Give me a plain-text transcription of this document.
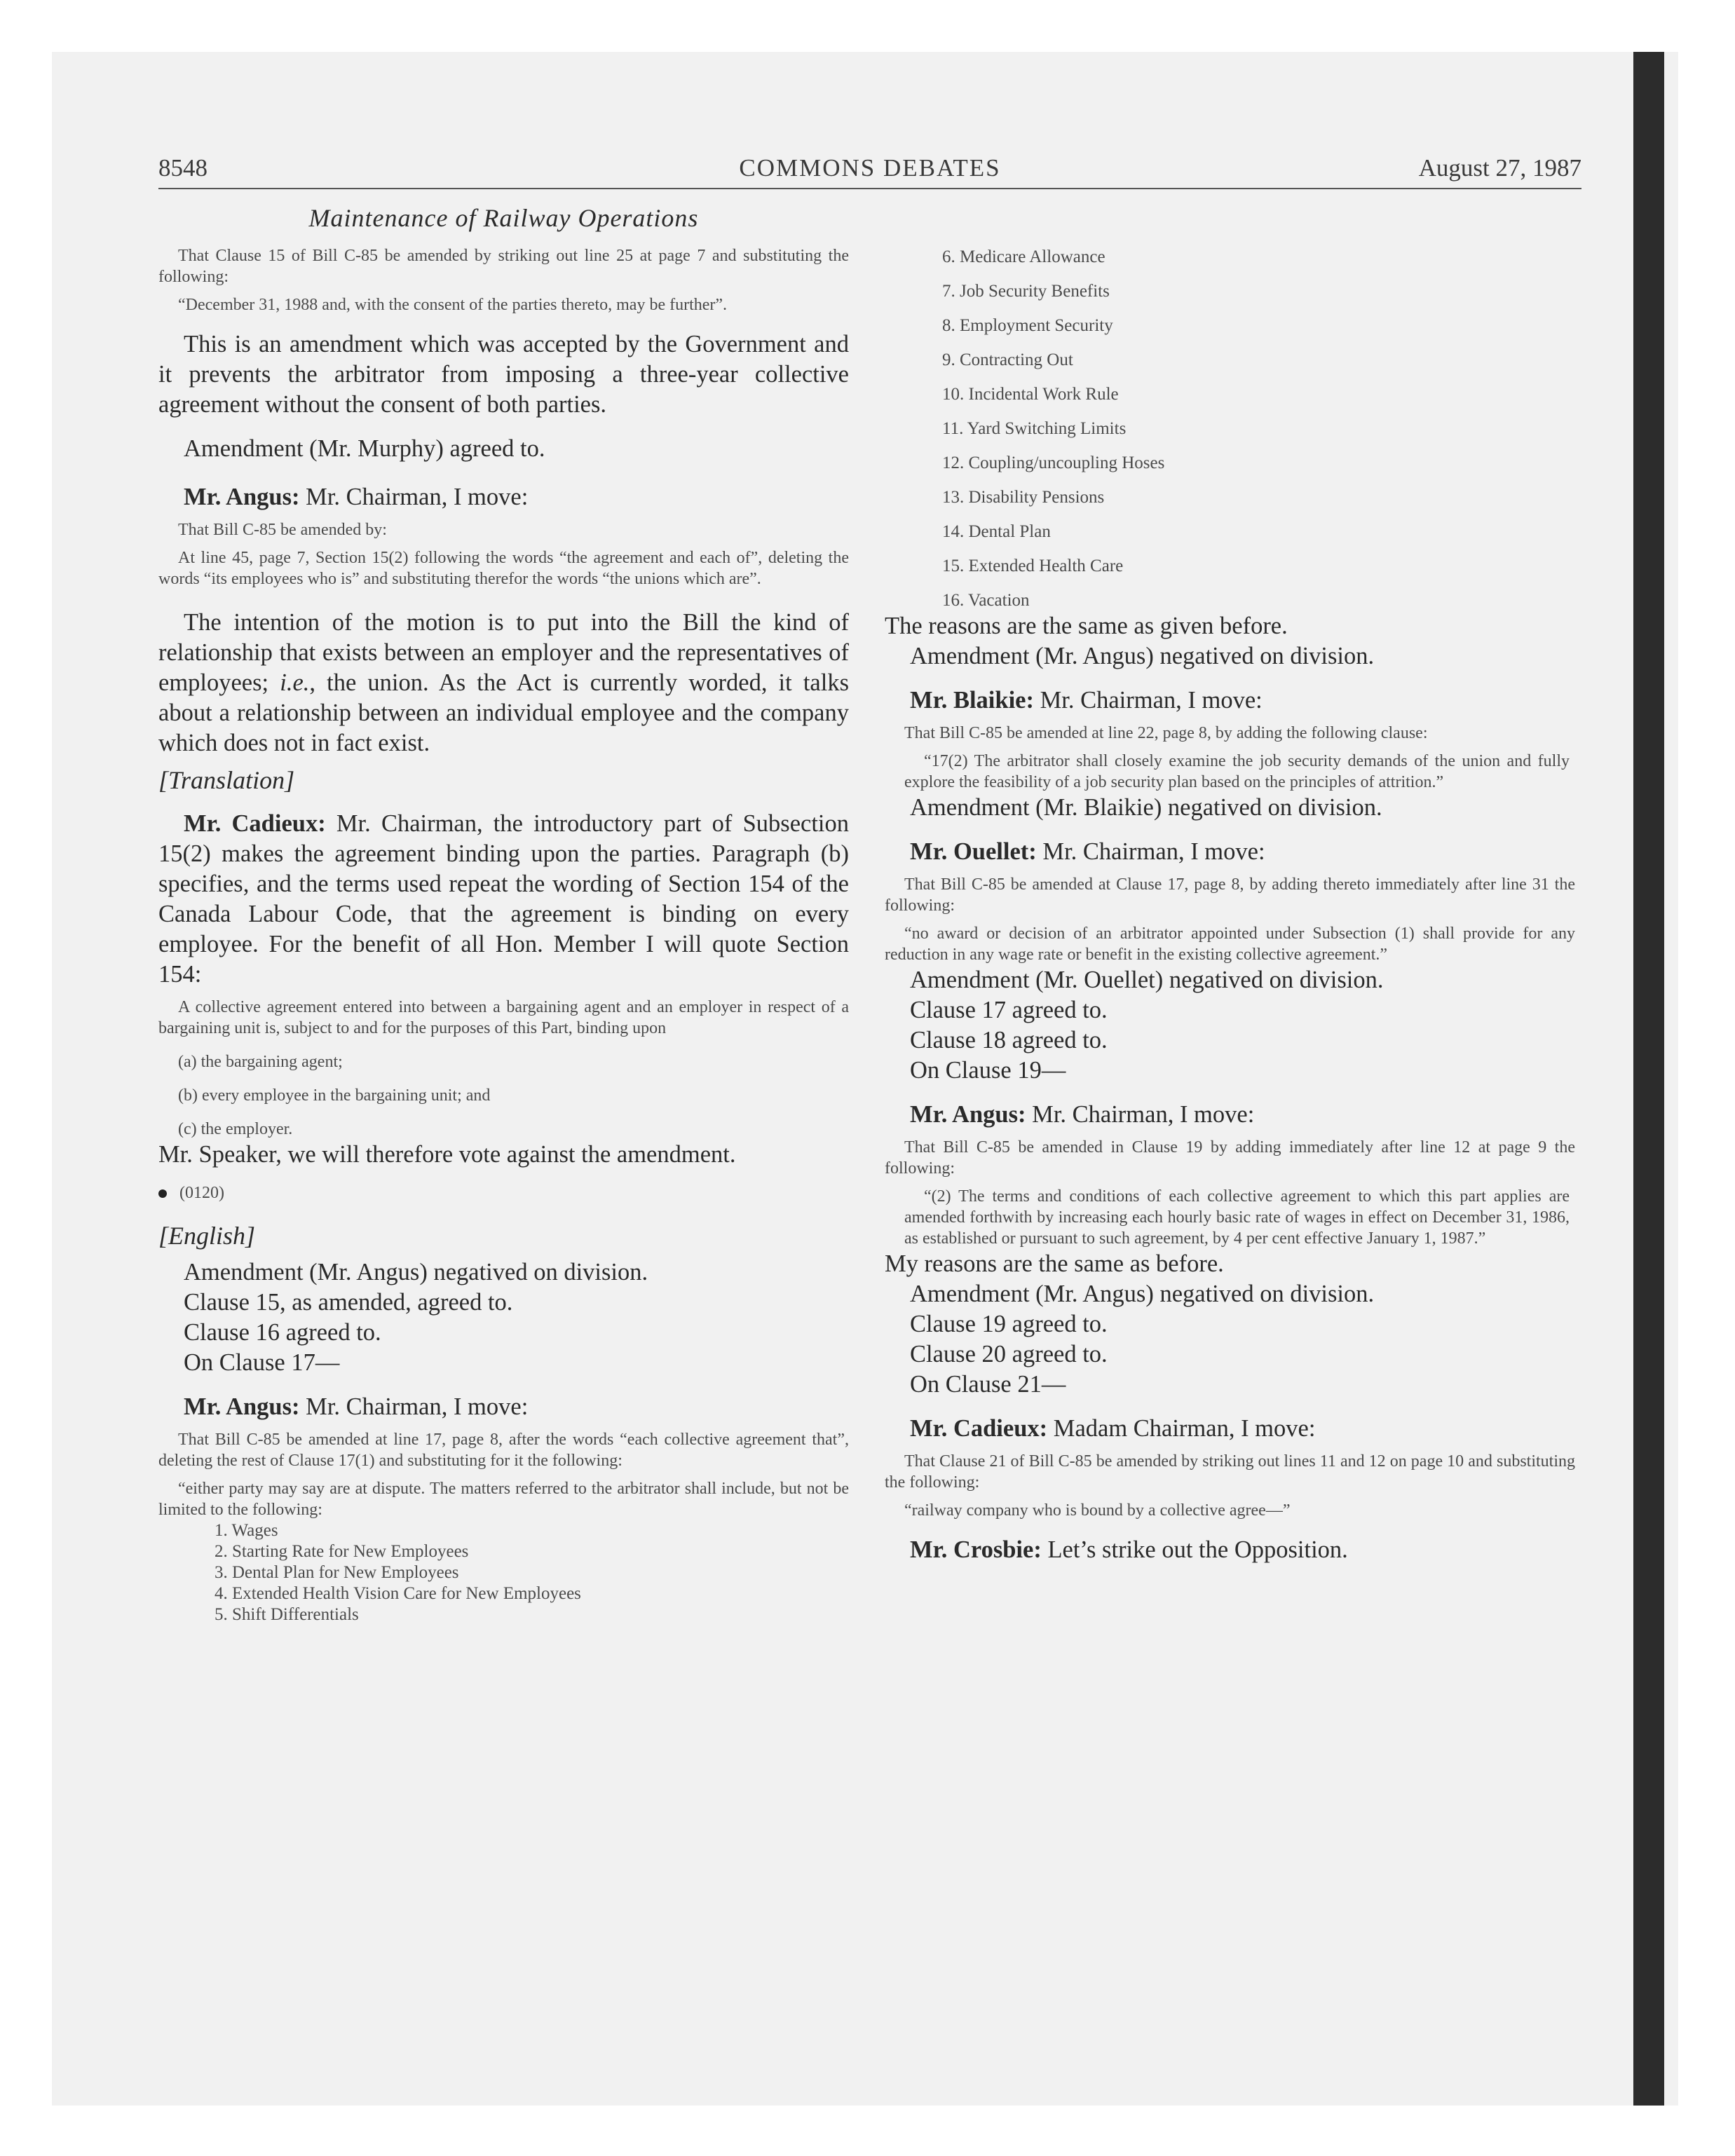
8548	COMMONS DEBATES	August 27, 1987
Maintenance of Railway Operations

That Clause 15 of Bill C-85 be amended by striking out line 25 at page 7 and substituting the following:

“December 31, 1988 and, with the consent of the parties thereto, may be further”.

This is an amendment which was accepted by the Government and it prevents the arbitrator from imposing a three-year collective agreement without the consent of both parties.

Amendment (Mr. Murphy) agreed to.

Mr. Angus: Mr. Chairman, I move:

That Bill C-85 be amended by:

At line 45, page 7, Section 15(2) following the words “the agreement and each of”, deleting the words “its employees who is” and substituting therefor the words “the unions which are”.

The intention of the motion is to put into the Bill the kind of relationship that exists between an employer and the representatives of employees; i.e., the union. As the Act is currently worded, it talks about a relationship between an individual employee and the company which does not in fact exist.

[Translation]

Mr. Cadieux: Mr. Chairman, the introductory part of Subsection 15(2) makes the agreement binding upon the parties. Paragraph (b) specifies, and the terms used repeat the wording of Section 154 of the Canada Labour Code, that the agreement is binding on every employee. For the benefit of all Hon. Member I will quote Section 154:

A collective agreement entered into between a bargaining agent and an employer in respect of a bargaining unit is, subject to and for the purposes of this Part, binding upon

(a) the bargaining agent;

(b) every employee in the bargaining unit; and

(c) the employer.

Mr. Speaker, we will therefore vote against the amendment.

(0120)

[English]

Amendment (Mr. Angus) negatived on division.

Clause 15, as amended, agreed to.

Clause 16 agreed to.

On Clause 17—

Mr. Angus: Mr. Chairman, I move:

That Bill C-85 be amended at line 17, page 8, after the words “each collective agreement that”, deleting the rest of Clause 17(1) and substituting for it the following:

“either party may say are at dispute. The matters referred to the arbitrator shall include, but not be limited to the following:

1. Wages

2. Starting Rate for New Employees

3. Dental Plan for New Employees

4. Extended Health Vision Care for New Employees

5. Shift Differentials

6. Medicare Allowance

7. Job Security Benefits

8. Employment Security

9. Contracting Out

10. Incidental Work Rule

11. Yard Switching Limits

12. Coupling/uncoupling Hoses

13. Disability Pensions

14. Dental Plan

15. Extended Health Care

16. Vacation

The reasons are the same as given before.

Amendment (Mr. Angus) negatived on division.

Mr. Blaikie: Mr. Chairman, I move:

That Bill C-85 be amended at line 22, page 8, by adding the following clause:

“17(2) The arbitrator shall closely examine the job security demands of the union and fully explore the feasibility of a job security plan based on the principles of attrition.”

Amendment (Mr. Blaikie) negatived on division.

Mr. Ouellet: Mr. Chairman, I move:

That Bill C-85 be amended at Clause 17, page 8, by adding thereto immediately after line 31 the following:

“no award or decision of an arbitrator appointed under Subsection (1) shall provide for any reduction in any wage rate or benefit in the existing collective agreement.”

Amendment (Mr. Ouellet) negatived on division.

Clause 17 agreed to.

Clause 18 agreed to.

On Clause 19—

Mr. Angus: Mr. Chairman, I move:

That Bill C-85 be amended in Clause 19 by adding immediately after line 12 at page 9 the following:

“(2) The terms and conditions of each collective agreement to which this part applies are amended forthwith by increasing each hourly basic rate of wages in effect on December 31, 1986, as established or pursuant to such agreement, by 4 per cent effective January 1, 1987.”

My reasons are the same as before.

Amendment (Mr. Angus) negatived on division.

Clause 19 agreed to.

Clause 20 agreed to.

On Clause 21—

Mr. Cadieux: Madam Chairman, I move:

That Clause 21 of Bill C-85 be amended by striking out lines 11 and 12 on page 10 and substituting the following:

“railway company who is bound by a collective agree—”

Mr. Crosbie: Let’s strike out the Opposition.
